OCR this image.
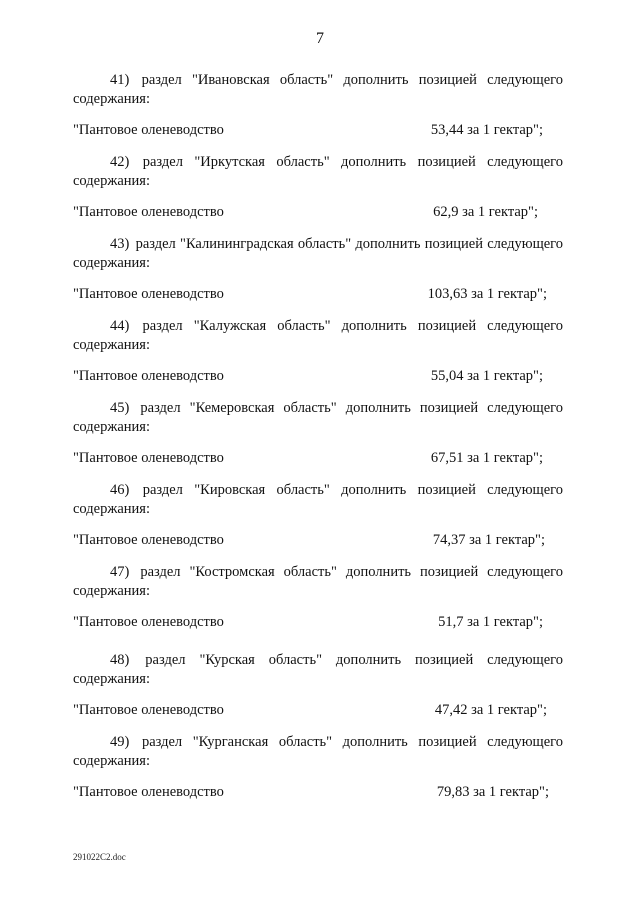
7

41) раздел "Ивановская область" дополнить позицией следующего содержания:

"Пантовое оленеводство	53,44 за 1 гектар";

42) раздел "Иркутская область" дополнить позицией следующего содержания:

"Пантовое оленеводство	62,9 за 1 гектар";

43) раздел "Калининградская область" дополнить позицией следующего содержания:

"Пантовое оленеводство	103,63 за 1 гектар";

44) раздел "Калужская область" дополнить позицией следующего содержания:

"Пантовое оленеводство	55,04 за 1 гектар";

45) раздел "Кемеровская область" дополнить позицией следующего содержания:

"Пантовое оленеводство	67,51 за 1 гектар";

46) раздел "Кировская область" дополнить позицией следующего содержания:

"Пантовое оленеводство	74,37 за 1 гектар";

47) раздел "Костромская область" дополнить позицией следующего содержания:

"Пантовое оленеводство	51,7 за 1 гектар";

48) раздел "Курская область" дополнить позицией следующего содержания:

"Пантовое оленеводство	47,42 за 1 гектар";

49) раздел "Курганская область" дополнить позицией следующего содержания:

"Пантовое оленеводство	79,83 за 1 гектар";
291022C2.doc
